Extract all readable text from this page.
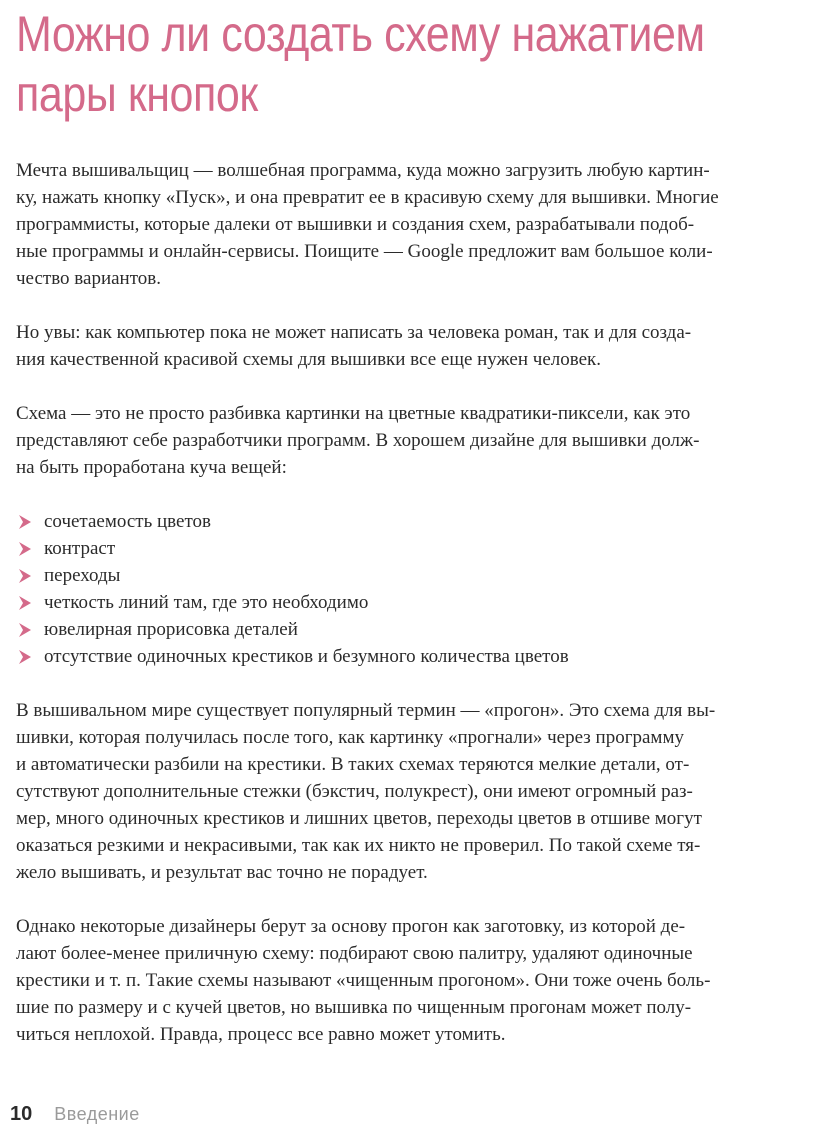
Можно ли создать схему нажатием
пары кнопок

Мечта вышивальщиц — волшебная программа, куда можно загрузить любую картин-
ку, нажать кнопку «Пуск», и она превратит ее в красивую схему для вышивки. Многие
программисты, которые далеки от вышивки и создания схем, разрабатывали подоб-
ные программы и онлайн-сервисы. Поищите — Google предложит вам большое коли-
чество вариантов.

Но увы: как компьютер пока не может написать за человека роман, так и для созда-
ния качественной красивой схемы для вышивки все еще нужен человек.

Схема — это не просто разбивка картинки на цветные квадратики-пиксели, как это
представляют себе разработчики программ. В хорошем дизайне для вышивки долж-
на быть проработана куча вещей:

сочетаемость цветов
контраст
переходы
четкость линий там, где это необходимо
ювелирная прорисовка деталей
отсутствие одиночных крестиков и безумного количества цветов

В вышивальном мире существует популярный термин — «прогон». Это схема для вы-
шивки, которая получилась после того, как картинку «прогнали» через программу
и автоматически разбили на крестики. В таких схемах теряются мелкие детали, от-
сутствуют дополнительные стежки (бэкстич, полукрест), они имеют огромный раз-
мер, много одиночных крестиков и лишних цветов, переходы цветов в отшиве могут
оказаться резкими и некрасивыми, так как их никто не проверил. По такой схеме тя-
жело вышивать, и результат вас точно не порадует.

Однако некоторые дизайнеры берут за основу прогон как заготовку, из которой де-
лают более-менее приличную схему: подбирают свою палитру, удаляют одиночные
крестики и т. п. Такие схемы называют «чищенным прогоном». Они тоже очень боль-
шие по размеру и с кучей цветов, но вышивка по чищенным прогонам может полу-
читься неплохой. Правда, процесс все равно может утомить.

10 Введение
